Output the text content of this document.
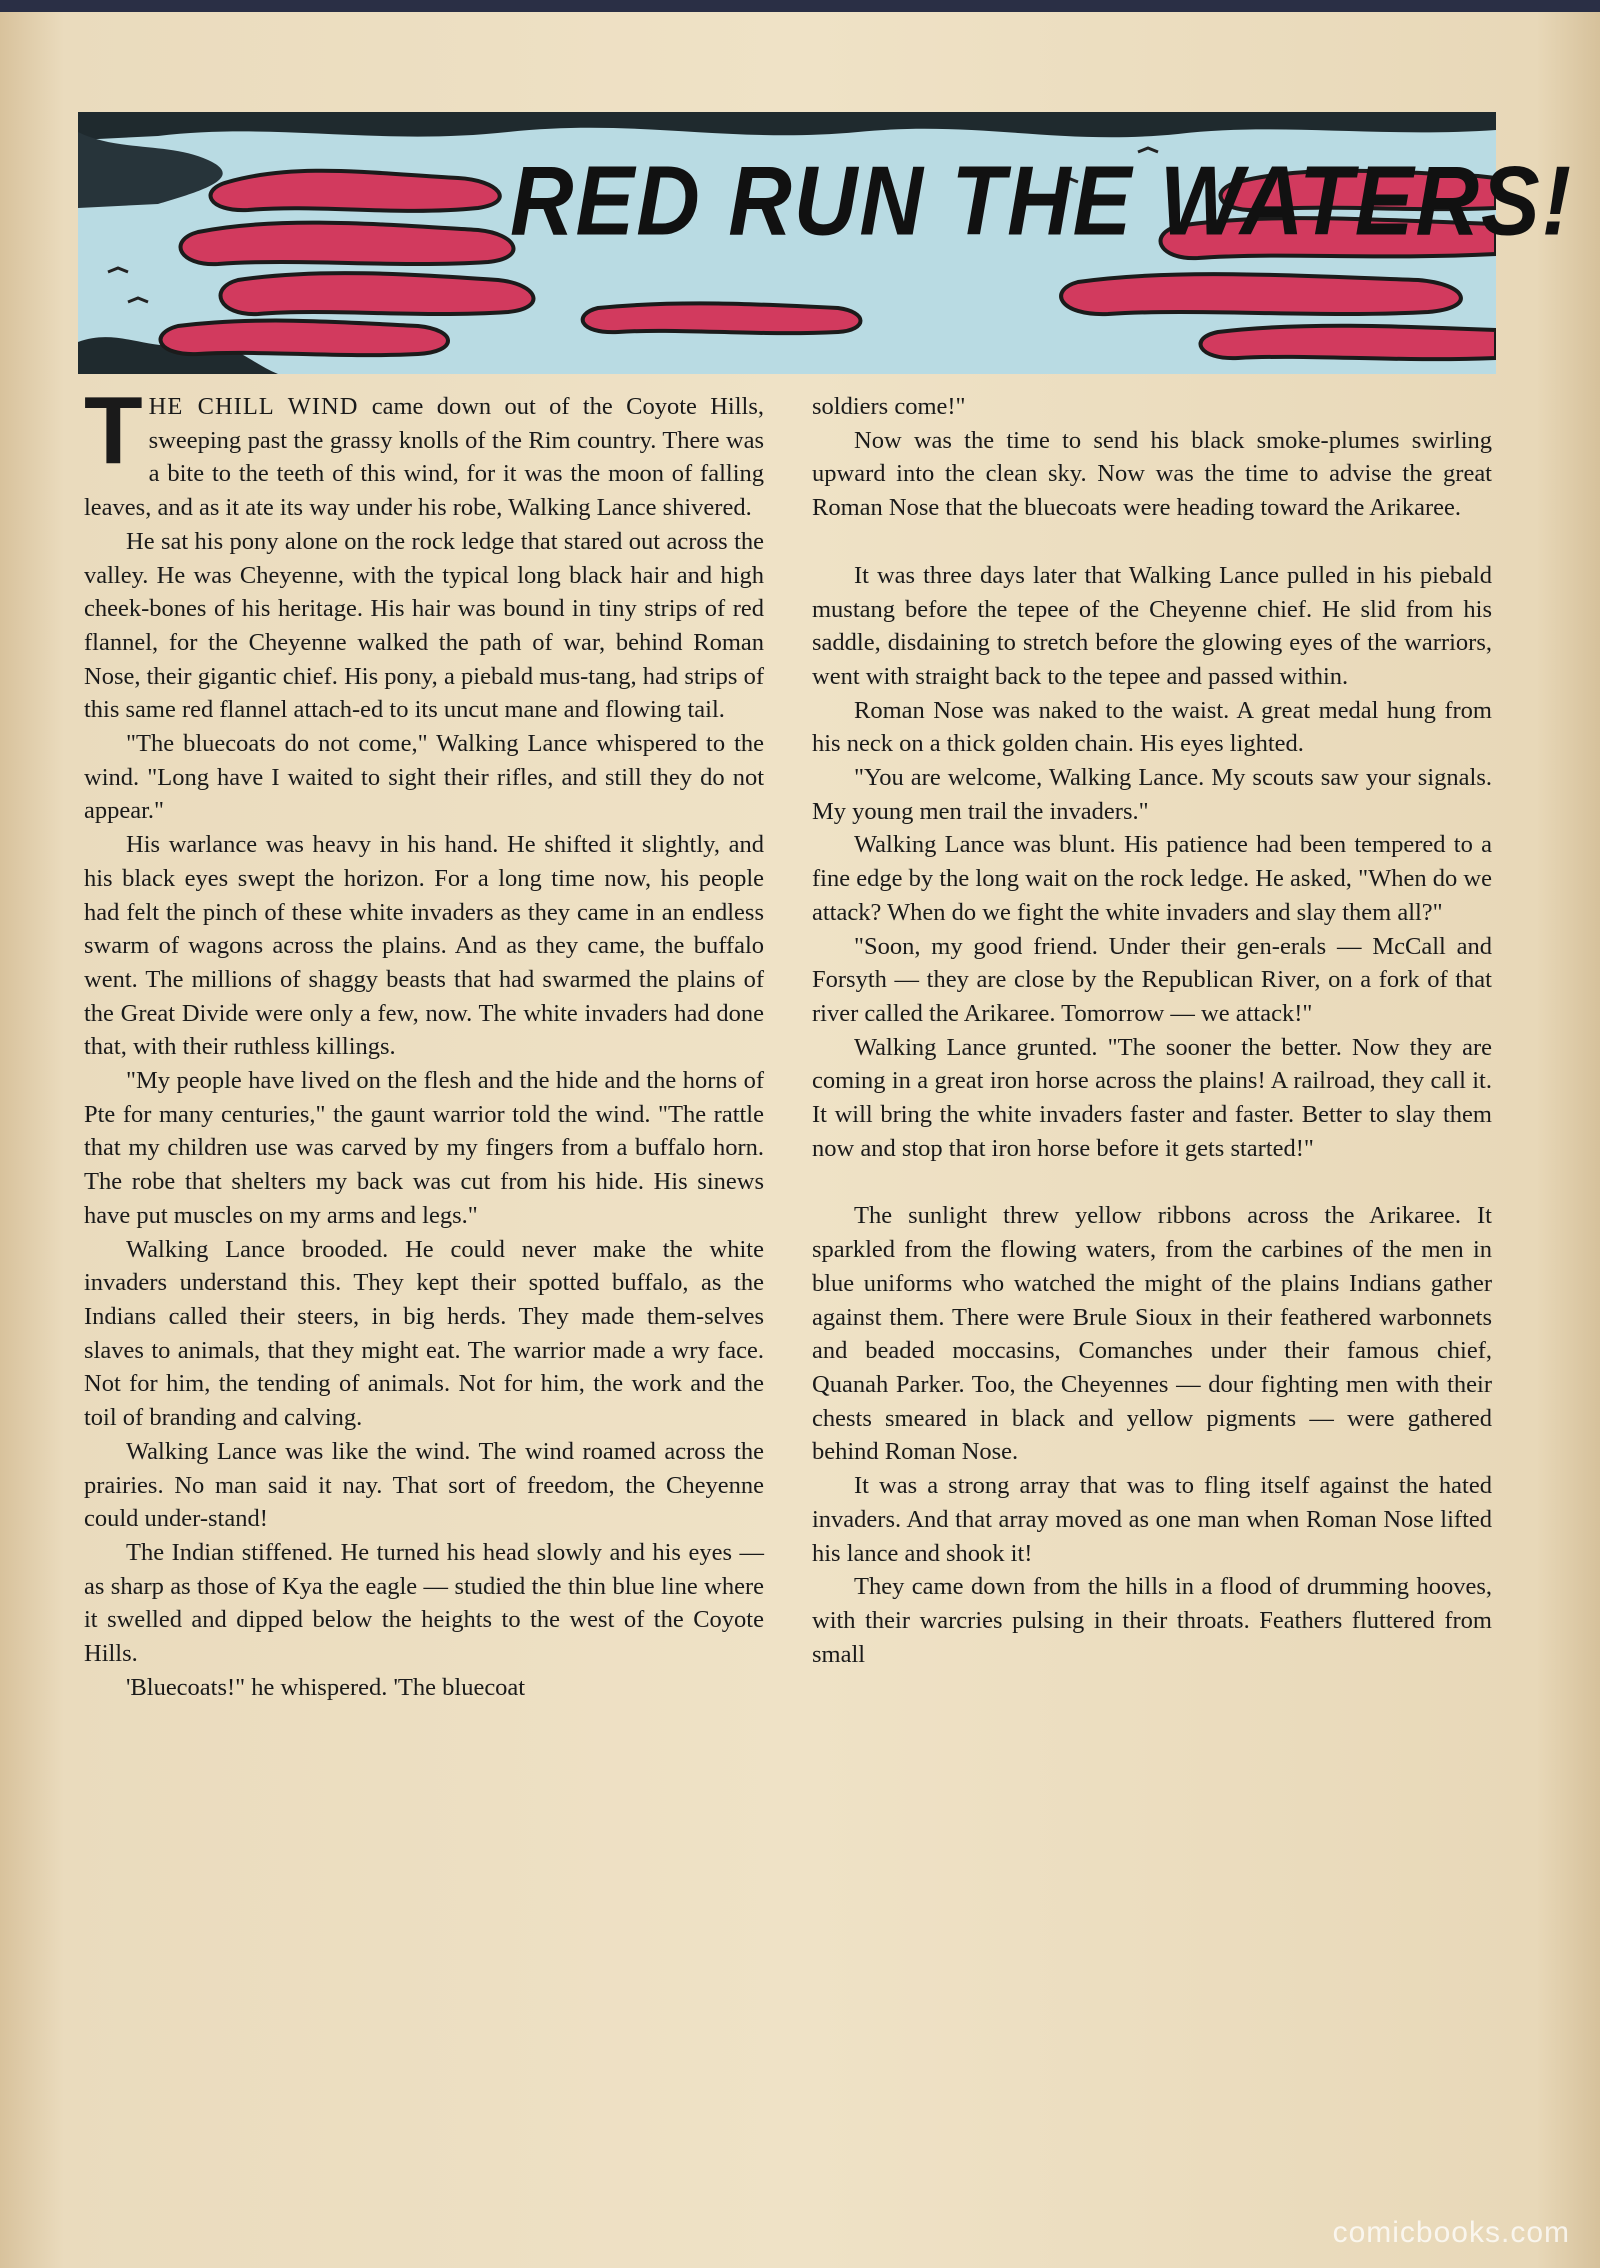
RED RUN THE WATERS!

THE CHILL WIND came down out of the Coyote Hills, sweeping past the grassy knolls of the Rim country. There was a bite to the teeth of this wind, for it was the moon of falling leaves, and as it ate its way under his robe, Walking Lance shivered.

He sat his pony alone on the rock ledge that stared out across the valley. He was Cheyenne, with the typical long black hair and high cheek-bones of his heritage. His hair was bound in tiny strips of red flannel, for the Cheyenne walked the path of war, behind Roman Nose, their gigantic chief. His pony, a piebald mus-tang, had strips of this same red flannel attach-ed to its uncut mane and flowing tail.

"The bluecoats do not come," Walking Lance whispered to the wind. "Long have I waited to sight their rifles, and still they do not appear."

His warlance was heavy in his hand. He shifted it slightly, and his black eyes swept the horizon. For a long time now, his people had felt the pinch of these white invaders as they came in an endless swarm of wagons across the plains. And as they came, the buffalo went. The millions of shaggy beasts that had swarmed the plains of the Great Divide were only a few, now. The white invaders had done that, with their ruthless killings.

"My people have lived on the flesh and the hide and the horns of Pte for many centuries," the gaunt warrior told the wind. "The rattle that my children use was carved by my fingers from a buffalo horn. The robe that shelters my back was cut from his hide. His sinews have put muscles on my arms and legs."

Walking Lance brooded. He could never make the white invaders understand this. They kept their spotted buffalo, as the Indians called their steers, in big herds. They made them-selves slaves to animals, that they might eat. The warrior made a wry face. Not for him, the tending of animals. Not for him, the work and the toil of branding and calving.

Walking Lance was like the wind. The wind roamed across the prairies. No man said it nay. That sort of freedom, the Cheyenne could under-stand!

The Indian stiffened. He turned his head slowly and his eyes — as sharp as those of Kya the eagle — studied the thin blue line where it swelled and dipped below the heights to the west of the Coyote Hills.

'Bluecoats!" he whispered. 'The bluecoat

soldiers come!"

Now was the time to send his black smoke-plumes swirling upward into the clean sky. Now was the time to advise the great Roman Nose that the bluecoats were heading toward the Arikaree.

It was three days later that Walking Lance pulled in his piebald mustang before the tepee of the Cheyenne chief. He slid from his saddle, disdaining to stretch before the glowing eyes of the warriors, went with straight back to the tepee and passed within.

Roman Nose was naked to the waist. A great medal hung from his neck on a thick golden chain. His eyes lighted.

"You are welcome, Walking Lance. My scouts saw your signals. My young men trail the invaders."

Walking Lance was blunt. His patience had been tempered to a fine edge by the long wait on the rock ledge. He asked, "When do we attack? When do we fight the white invaders and slay them all?"

"Soon, my good friend. Under their gen-erals — McCall and Forsyth — they are close by the Republican River, on a fork of that river called the Arikaree. Tomorrow — we attack!"

Walking Lance grunted. "The sooner the better. Now they are coming in a great iron horse across the plains! A railroad, they call it. It will bring the white invaders faster and faster. Better to slay them now and stop that iron horse before it gets started!"

The sunlight threw yellow ribbons across the Arikaree. It sparkled from the flowing waters, from the carbines of the men in blue uniforms who watched the might of the plains Indians gather against them. There were Brule Sioux in their feathered warbonnets and beaded moccasins, Comanches under their famous chief, Quanah Parker. Too, the Cheyennes — dour fighting men with their chests smeared in black and yellow pigments — were gathered behind Roman Nose.

It was a strong array that was to fling itself against the hated invaders. And that array moved as one man when Roman Nose lifted his lance and shook it!

They came down from the hills in a flood of drumming hooves, with their warcries pulsing in their throats. Feathers fluttered from small

comicbooks.com
